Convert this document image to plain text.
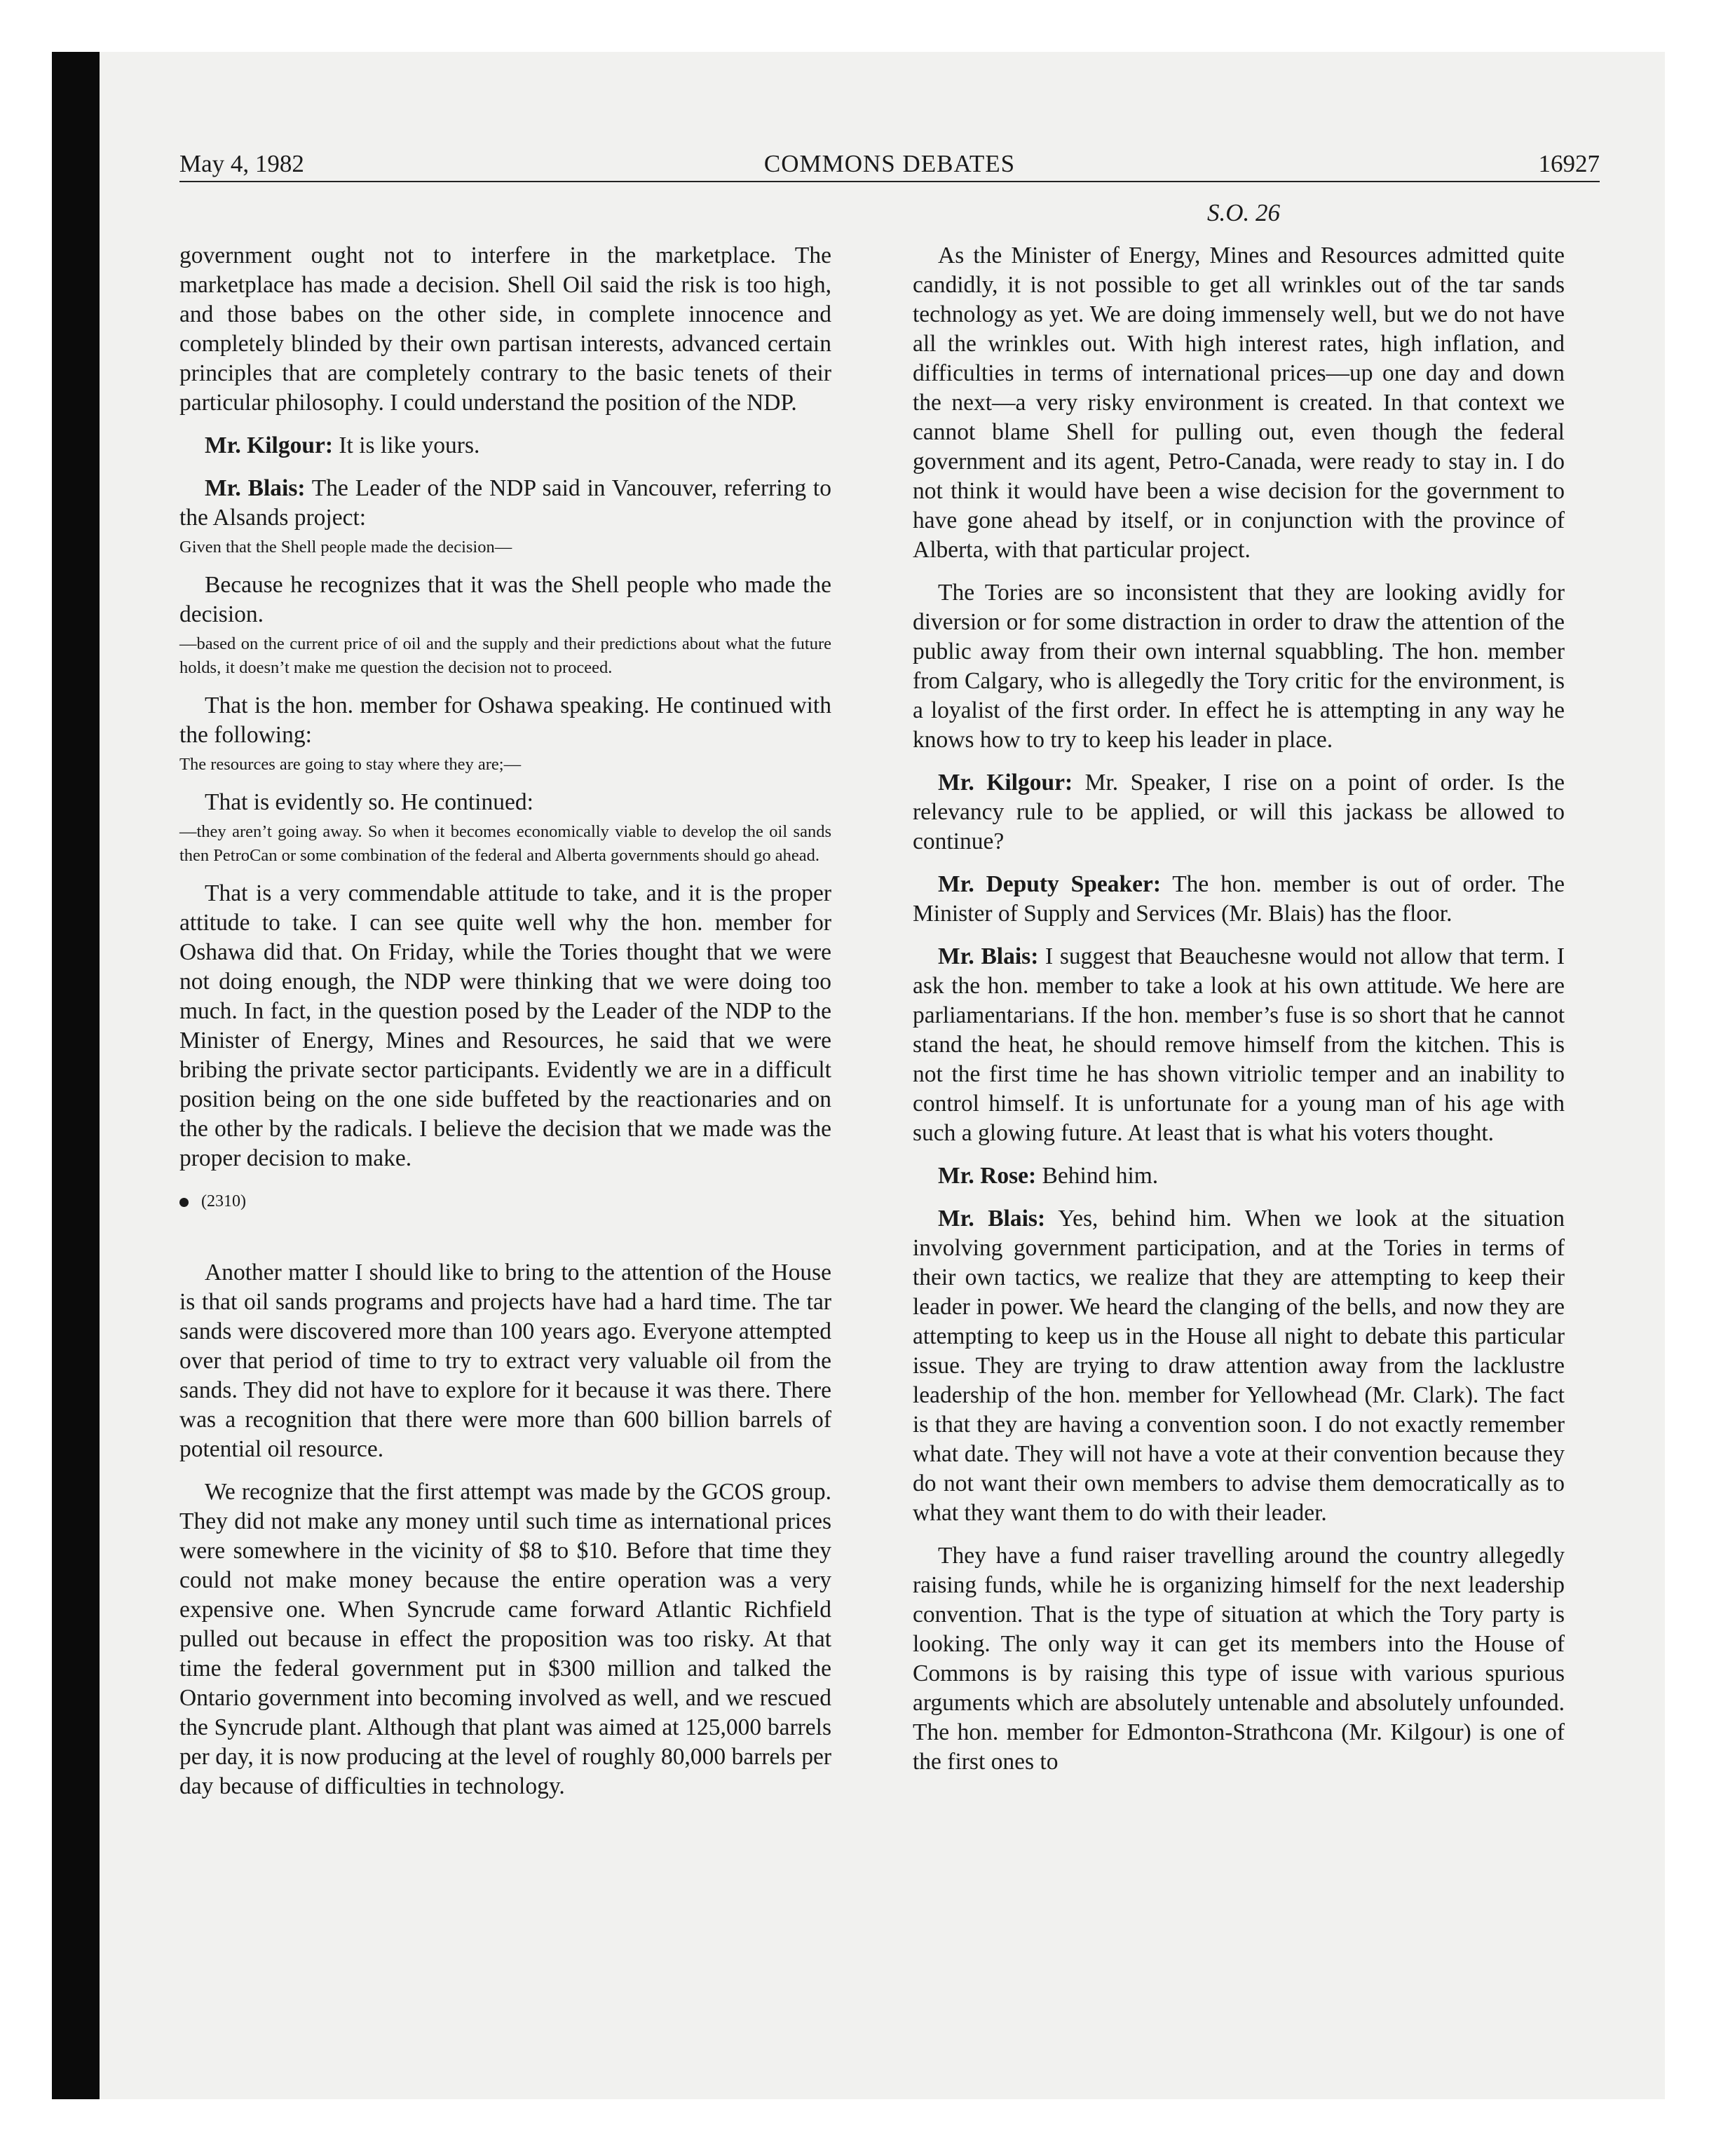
May 4, 1982	COMMONS DEBATES	16927
S.O. 26

government ought not to interfere in the marketplace. The marketplace has made a decision. Shell Oil said the risk is too high, and those babes on the other side, in complete innocence and completely blinded by their own partisan interests, advanced certain principles that are completely contrary to the basic tenets of their particular philosophy. I could understand the position of the NDP.

Mr. Kilgour: It is like yours.

Mr. Blais: The Leader of the NDP said in Vancouver, referring to the Alsands project:

Given that the Shell people made the decision—

Because he recognizes that it was the Shell people who made the decision.

—based on the current price of oil and the supply and their predictions about what the future holds, it doesn’t make me question the decision not to proceed.

That is the hon. member for Oshawa speaking. He continued with the following:

The resources are going to stay where they are;—

That is evidently so. He continued:

—they aren’t going away. So when it becomes economically viable to develop the oil sands then PetroCan or some combination of the federal and Alberta governments should go ahead.

That is a very commendable attitude to take, and it is the proper attitude to take. I can see quite well why the hon. member for Oshawa did that. On Friday, while the Tories thought that we were not doing enough, the NDP were thinking that we were doing too much. In fact, in the question posed by the Leader of the NDP to the Minister of Energy, Mines and Resources, he said that we were bribing the private sector participants. Evidently we are in a difficult position being on the one side buffeted by the reactionaries and on the other by the radicals. I believe the decision that we made was the proper decision to make.

(2310)

Another matter I should like to bring to the attention of the House is that oil sands programs and projects have had a hard time. The tar sands were discovered more than 100 years ago. Everyone attempted over that period of time to try to extract very valuable oil from the sands. They did not have to explore for it because it was there. There was a recognition that there were more than 600 billion barrels of potential oil resource.

We recognize that the first attempt was made by the GCOS group. They did not make any money until such time as international prices were somewhere in the vicinity of $8 to $10. Before that time they could not make money because the entire operation was a very expensive one. When Syncrude came forward Atlantic Richfield pulled out because in effect the proposition was too risky. At that time the federal government put in $300 million and talked the Ontario government into becoming involved as well, and we rescued the Syncrude plant. Although that plant was aimed at 125,000 barrels per day, it is now producing at the level of roughly 80,000 barrels per day because of difficulties in technology.

As the Minister of Energy, Mines and Resources admitted quite candidly, it is not possible to get all wrinkles out of the tar sands technology as yet. We are doing immensely well, but we do not have all the wrinkles out. With high interest rates, high inflation, and difficulties in terms of international prices—up one day and down the next—a very risky environment is created. In that context we cannot blame Shell for pulling out, even though the federal government and its agent, Petro-Canada, were ready to stay in. I do not think it would have been a wise decision for the government to have gone ahead by itself, or in conjunction with the province of Alberta, with that particular project.

The Tories are so inconsistent that they are looking avidly for diversion or for some distraction in order to draw the attention of the public away from their own internal squabbling. The hon. member from Calgary, who is allegedly the Tory critic for the environment, is a loyalist of the first order. In effect he is attempting in any way he knows how to try to keep his leader in place.

Mr. Kilgour: Mr. Speaker, I rise on a point of order. Is the relevancy rule to be applied, or will this jackass be allowed to continue?

Mr. Deputy Speaker: The hon. member is out of order. The Minister of Supply and Services (Mr. Blais) has the floor.

Mr. Blais: I suggest that Beauchesne would not allow that term. I ask the hon. member to take a look at his own attitude. We here are parliamentarians. If the hon. member’s fuse is so short that he cannot stand the heat, he should remove himself from the kitchen. This is not the first time he has shown vitriolic temper and an inability to control himself. It is unfortunate for a young man of his age with such a glowing future. At least that is what his voters thought.

Mr. Rose: Behind him.

Mr. Blais: Yes, behind him. When we look at the situation involving government participation, and at the Tories in terms of their own tactics, we realize that they are attempting to keep their leader in power. We heard the clanging of the bells, and now they are attempting to keep us in the House all night to debate this particular issue. They are trying to draw attention away from the lacklustre leadership of the hon. member for Yellowhead (Mr. Clark). The fact is that they are having a convention soon. I do not exactly remember what date. They will not have a vote at their convention because they do not want their own members to advise them democratically as to what they want them to do with their leader.

They have a fund raiser travelling around the country allegedly raising funds, while he is organizing himself for the next leadership convention. That is the type of situation at which the Tory party is looking. The only way it can get its members into the House of Commons is by raising this type of issue with various spurious arguments which are absolutely untenable and absolutely unfounded. The hon. member for Edmonton-Strathcona (Mr. Kilgour) is one of the first ones to
